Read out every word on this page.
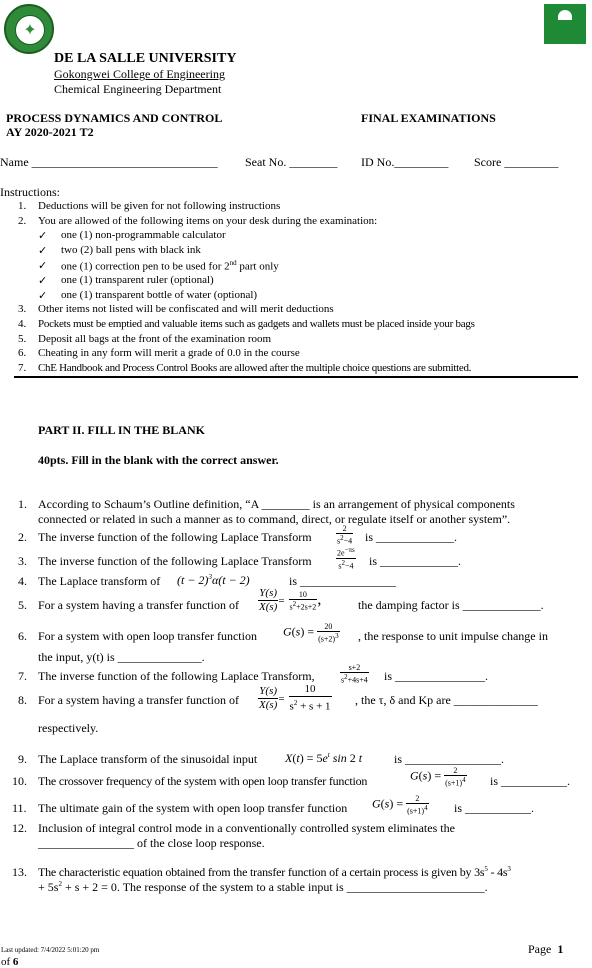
✦
DE LA SALLE UNIVERSITY
Gokongwei College of Engineering
Chemical Engineering Department
PROCESS DYNAMICS AND CONTROL
AY 2020-2021 T2
FINAL EXAMINATIONS
Name _______________________________ Seat No. ________ ID No._________ Score _________
Instructions:
1. Deductions will be given for not following instructions
2. You are allowed of the following items on your desk during the examination:
✓ one (1) non-programmable calculator
✓ two (2) ball pens with black ink
✓ one (1) correction pen to be used for 2nd part only
✓ one (1) transparent ruler (optional)
✓ one (1) transparent bottle of water (optional)
3. Other items not listed will be confiscated and will merit deductions
4. Pockets must be emptied and valuable items such as gadgets and wallets must be placed inside your bags
5. Deposit all bags at the front of the examination room
6. Cheating in any form will merit a grade of 0.0 in the course
7. ChE Handbook and Process Control Books are allowed after the multiple choice questions are submitted.
PART II. FILL IN THE BLANK
40pts. Fill in the blank with the correct answer.
1. According to Schaum’s Outline definition, “A ________ is an arrangement of physical components
connected or related in such a manner as to command, direct, or regulate itself or another system”.
2. The inverse function of the following Laplace Transform	$\frac{2}{s^2-4}$ is _____________.
3. The inverse function of the following Laplace Transform	$\frac{2e^{-\pi s}}{s^2-4}$ is _____________.
4. The Laplace transform of $(t - 2)^3\alpha(t - 2)$	is ________________
5. For a system having a transfer function of $\frac{Y(s)}{X(s)} = \frac{10}{s^2+2s+2}$ ,	the damping factor is _____________.
6. For a system with open loop transfer function $G(s) = \frac{20}{(s+2)^3}$ , the response to unit impulse change in
the input, y(t) is ______________.
7. The inverse function of the following Laplace Transform,	$\frac{s+2}{s^2+4s+4}$ is _______________.
8. For a system having a transfer function of $\frac{Y(s)}{X(s)} = \frac{10}{s^2 + s + 1}$ , the τ, δ and Kp are ______________
respectively.
9. The Laplace transform of the sinusoidal input $X(t) = 5e^t$ sin 2 t	is ________________.
10. The crossover frequency of the system with open loop transfer function	$G(s) = \frac{2}{(s+1)^4}$ is ___________.
11. The ultimate gain of the system with open loop transfer function $G(s) = \frac{2}{(s+1)^4}$ is ___________.
12. Inclusion of integral control mode in a conventionally controlled system eliminates the
________________ of the close loop response.
13. The characteristic equation obtained from the transfer function of a certain process is given by $3s^5 - 4s^3$
+ $5s^2 + s + 2 = 0$. The response of the system to a stable input is _______________________.
Last updated: 7/4/2022 5:01:20 pm	Page 1
of 6
